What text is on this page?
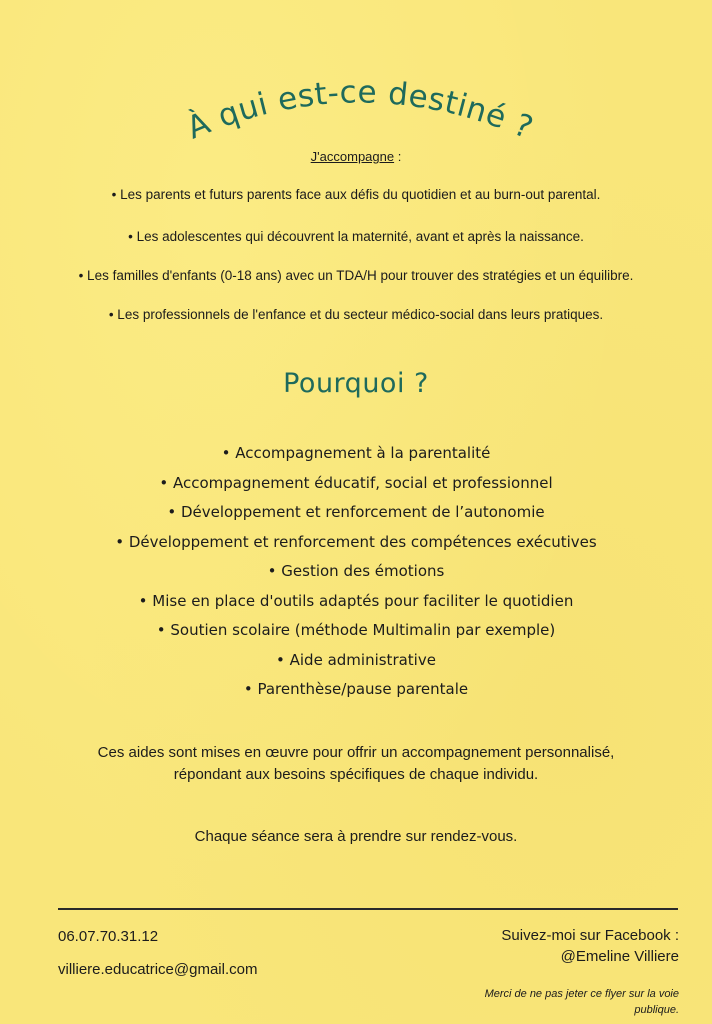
À qui est-ce destiné ?
J'accompagne :
• Les parents et futurs parents face aux défis du quotidien et au burn-out parental.
• Les adolescentes qui découvrent la maternité, avant et après la naissance.
• Les familles d'enfants (0-18 ans) avec un TDA/H pour trouver des stratégies et un équilibre.
• Les professionnels de l'enfance et du secteur médico-social dans leurs pratiques.
Pourquoi ?
• Accompagnement à la parentalité
• Accompagnement éducatif, social et professionnel
• Développement et renforcement de l’autonomie
• Développement et renforcement des compétences exécutives
• Gestion des émotions
• Mise en place d'outils adaptés pour faciliter le quotidien
• Soutien scolaire (méthode Multimalin par exemple)
• Aide administrative
• Parenthèse/pause parentale
Ces aides sont mises en œuvre pour offrir un accompagnement personnalisé,
répondant aux besoins spécifiques de chaque individu.
Chaque séance sera à prendre sur rendez-vous.
06.07.70.31.12
villiere.educatrice@gmail.com
Suivez-moi sur Facebook :
@Emeline Villiere
Merci de ne pas jeter ce flyer sur la voie
publique.
